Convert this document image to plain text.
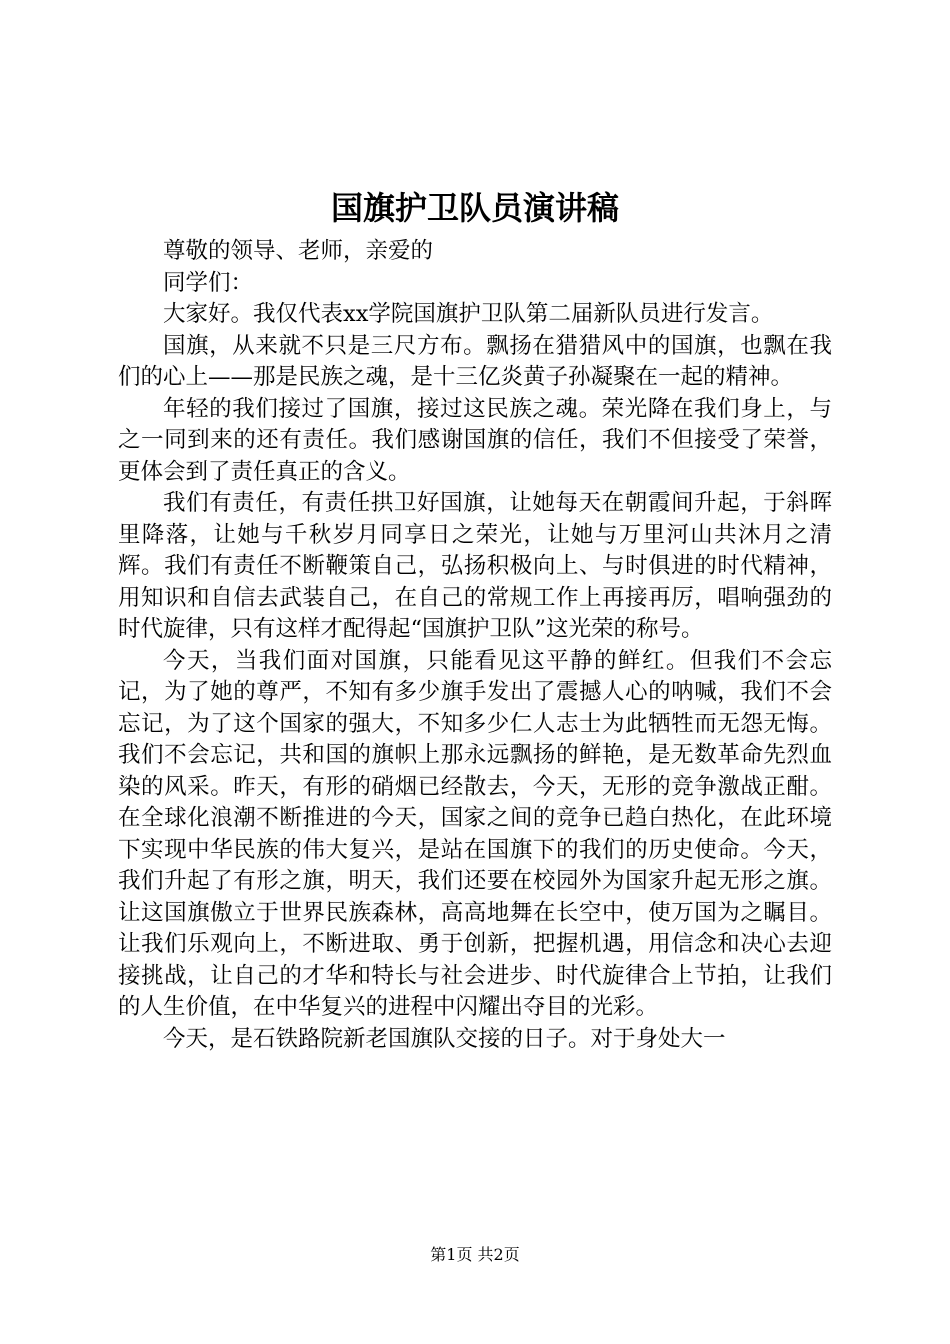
国旗护卫队员演讲稿

尊敬的领导、老师，亲爱的

同学们：

大家好。我仅代表xx学院国旗护卫队第二届新队员进行发言。

国旗，从来就不只是三尺方布。飘扬在猎猎风中的国旗，也飘在我们的心上——那是民族之魂，是十三亿炎黄子孙凝聚在一起的精神。

年轻的我们接过了国旗，接过这民族之魂。荣光降在我们身上，与之一同到来的还有责任。我们感谢国旗的信任，我们不但接受了荣誉，更体会到了责任真正的含义。

我们有责任，有责任拱卫好国旗，让她每天在朝霞间升起，于斜晖里降落，让她与千秋岁月同享日之荣光，让她与万里河山共沐月之清辉。我们有责任不断鞭策自己，弘扬积极向上、与时俱进的时代精神，用知识和自信去武装自己，在自己的常规工作上再接再厉，唱响强劲的时代旋律，只有这样才配得起“国旗护卫队”这光荣的称号。

今天，当我们面对国旗，只能看见这平静的鲜红。但我们不会忘记，为了她的尊严，不知有多少旗手发出了震撼人心的呐喊，我们不会忘记，为了这个国家的强大，不知多少仁人志士为此牺牲而无怨无悔。我们不会忘记，共和国的旗帜上那永远飘扬的鲜艳，是无数革命先烈血染的风采。昨天，有形的硝烟已经散去，今天，无形的竞争激战正酣。在全球化浪潮不断推进的今天，国家之间的竞争已趋白热化，在此环境下实现中华民族的伟大复兴，是站在国旗下的我们的历史使命。今天，我们升起了有形之旗，明天，我们还要在校园外为国家升起无形之旗。让这国旗傲立于世界民族森林，高高地舞在长空中，使万国为之瞩目。让我们乐观向上，不断进取、勇于创新，把握机遇，用信念和决心去迎接挑战，让自己的才华和特长与社会进步、时代旋律合上节拍，让我们的人生价值，在中华复兴的进程中闪耀出夺目的光彩。

今天，是石铁路院新老国旗队交接的日子。对于身处大一

第1页 共2页
